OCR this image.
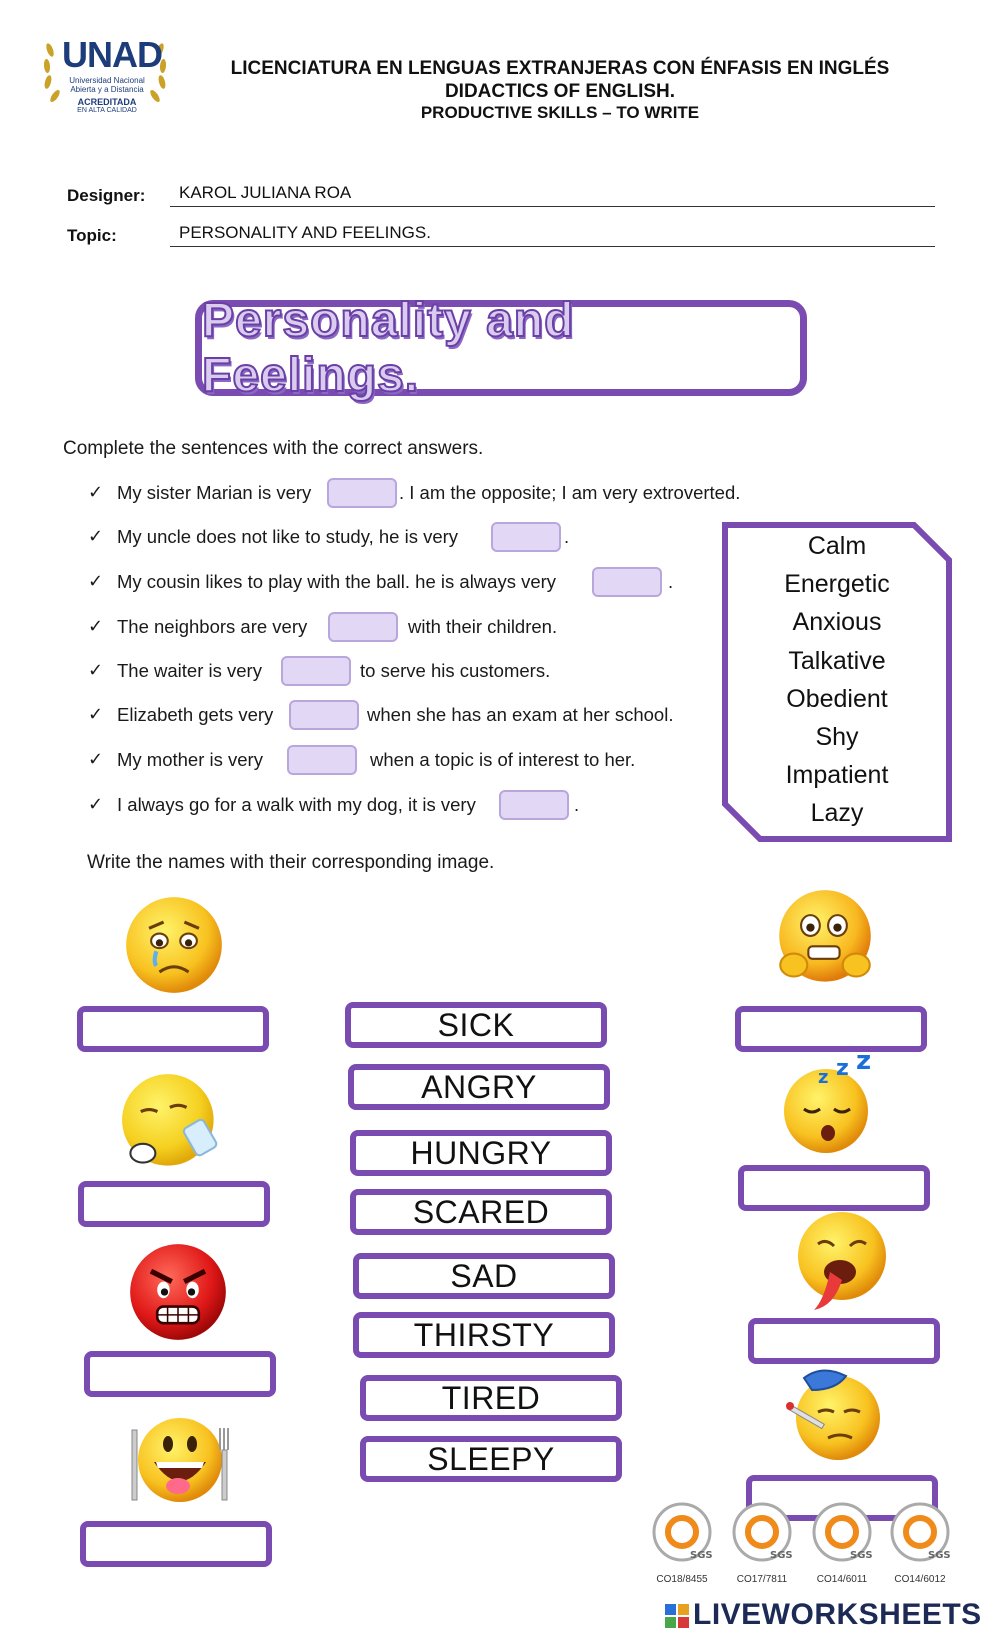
UNAD
Universidad Nacional
Abierta y a Distancia
ACREDITADA
EN ALTA CALIDAD
LICENCIATURA EN LENGUAS EXTRANJERAS CON ÉNFASIS EN INGLÉS
DIDACTICS OF ENGLISH.
PRODUCTIVE SKILLS – TO WRITE
Designer:	KAROL JULIANA ROA
Topic:	PERSONALITY AND FEELINGS.
Personality and Feelings.
Complete the sentences with the correct answers.
✓ My sister Marian is very	. I am the opposite; I am very extroverted.
✓ My uncle does not like to study, he is very	.
✓ My cousin likes to play with the ball. he is always very	.
✓ The neighbors are very	with their children.
✓ The waiter is very	to serve his customers.
✓ Elizabeth gets very	when she has an exam at her school.
✓ My mother is very	when a topic is of interest to her.
✓ I always go for a walk with my dog, it is very	.
Calm
Energetic
Anxious
Talkative
Obedient
Shy
Impatient
Lazy
Write the names with their corresponding image.
SICK
ANGRY
HUNGRY
SCARED
SAD
THIRSTY
TIRED
SLEEPY
z z z
SGS
CO18/8455
SGS
CO17/7811
SGS
CO14/6011
SGS
CO14/6012
LIVEWORKSHEETS
